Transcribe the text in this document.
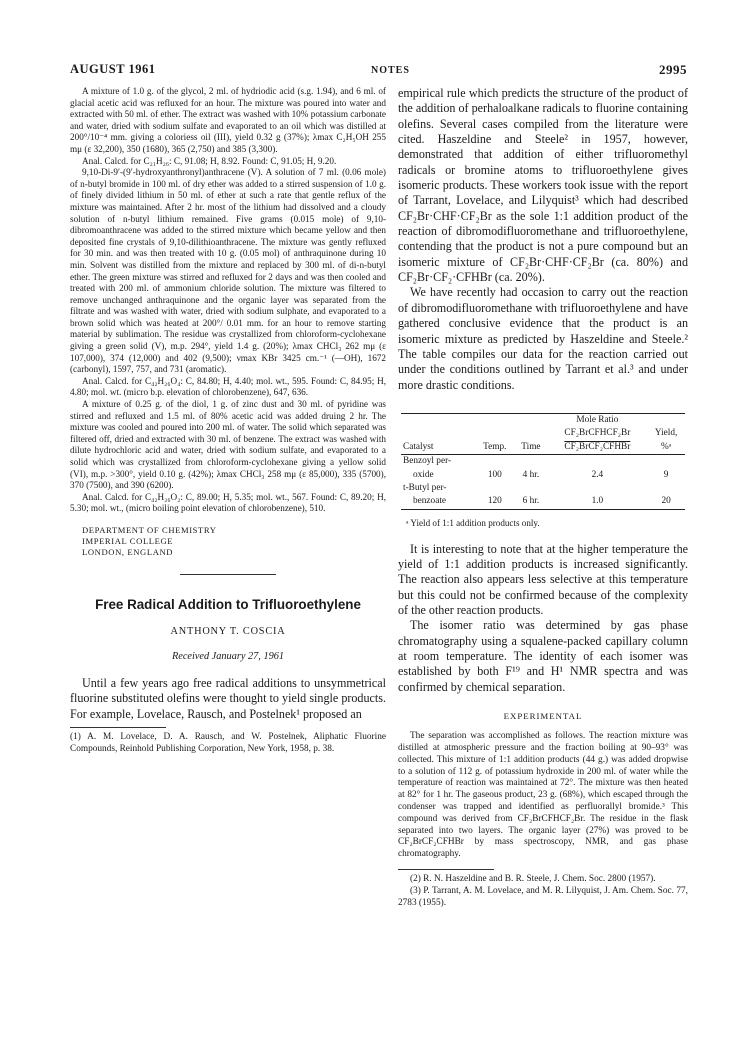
AUGUST 1961	NOTES	2995

A mixture of 1.0 g. of the glycol, 2 ml. of hydriodic acid (s.g. 1.94), and 6 ml. of glacial acetic acid was refluxed for an hour. The mixture was poured into water and extracted with 50 ml. of ether. The extract was washed with 10% potassium carbonate and water, dried with sodium sulfate and evaporated to an oil which was distilled at 200°/10⁻⁴ mm. giving a coloriess oil (III), yield 0.32 g (37%); λmax C₂H₅OH 255 mμ (ε 32,200), 350 (1680), 365 (2,750) and 385 (3,300).

Anal. Calcd. for C₂₁H₂₆: C, 91.08; H, 8.92. Found: C, 91.05; H, 9.20.

9,10-Di-9′-(9′-hydroxyanthronyl)anthracene (V). A solution of 7 ml. (0.06 mole) of n-butyl bromide in 100 ml. of dry ether was added to a stirred suspension of 1.0 g. of finely divided lithium in 50 ml. of ether at such a rate that gentle reflux of the mixture was maintained. After 2 hr. most of the lithium had dissolved and a cloudy solution of n-butyl lithium remained. Five grams (0.015 mole) of 9,10-dibromoanthracene was added to the stirred mixture which became yellow and then deposited fine crystals of 9,10-dilithioanthracene. The mixture was gently refluxed for 30 min. and was then treated with 10 g. (0.05 mol) of anthraquinone during 10 min. Solvent was distilled from the mixture and replaced by 300 ml. of di-n-butyl ether. The green mixture was stirred and refluxed for 2 days and was then cooled and treated with 200 ml. of ammonium chloride solution. The mixture was filtered to remove unchanged anthraquinone and the organic layer was separated from the filtrate and was washed with water, dried with sodium sulphate, and evaporated to a brown solid which was heated at 200°/ 0.01 mm. for an hour to remove starting material by sublimation. The residue was crystallized from chloroform-cyclohexane giving a green solid (V), m.p. 294°, yield 1.4 g. (20%); λmax CHCl₃ 262 mμ (ε 107,000), 374 (12,000) and 402 (9,500); νmax KBr 3425 cm.⁻¹ (—OH), 1672 (carbonyl), 1597, 757, and 731 (aromatic).

Anal. Calcd. for C₄₂H₂₆O₄: C, 84.80; H, 4.40; mol. wt., 595. Found: C, 84.95; H, 4.80; mol. wt. (micro b.p. elevation of chlorobenzene), 647, 636.

A mixture of 0.25 g. of the diol, 1 g. of zinc dust and 30 ml. of pyridine was stirred and refluxed and 1.5 ml. of 80% acetic acid was added druing 2 hr. The mixture was cooled and poured into 200 ml. of water. The solid which separated was filtered off, dried and extracted with 30 ml. of benzene. The extract was washed with dilute hydrochloric acid and water, dried with sodium sulfate, and evaporated to a solid which was crystallized from chloroform-cyclohexane giving a yellow solid (VI), m.p. >300°, yield 0.10 g. (42%); λmax CHCl₃ 258 mμ (ε 85,000), 335 (5700), 370 (7500), and 390 (6200).

Anal. Calcd. for C₄₂H₂₆O₂: C, 89.00; H, 5.35; mol. wt., 567. Found: C, 89.20; H, 5.30; mol. wt., (micro boiling point elevation of chlorobenzene), 510.

DEPARTMENT OF CHEMISTRY
IMPERIAL COLLEGE
LONDON, ENGLAND
Free Radical Addition to Trifluoroethylene
ANTHONY T. COSCIA
Received January 27, 1961

Until a few years ago free radical additions to unsymmetrical fluorine substituted olefins were thought to yield single products. For example, Lovelace, Rausch, and Postelnek¹ proposed an

(1) A. M. Lovelace, D. A. Rausch, and W. Postelnek, Aliphatic Fluorine Compounds, Reinhold Publishing Corporation, New York, 1958, p. 38.

empirical rule which predicts the structure of the product of the addition of perhaloalkane radicals to fluorine containing olefins. Several cases compiled from the literature were cited. Haszeldine and Steele² in 1957, however, demonstrated that addition of either trifluoromethyl radicals or bromine atoms to trifluoroethylene gives isomeric products. These workers took issue with the report of Tarrant, Lovelace, and Lilyquist³ which had described CF₂Br·CHF·CF₂Br as the sole 1:1 addition product of the reaction of dibromodifluoromethane and trifluoroethylene, contending that the product is not a pure compound but an isomeric mixture of CF₂Br·CHF·CF₂Br (ca. 80%) and CF₂Br·CF₂·CFHBr (ca. 20%).

We have recently had occasion to carry out the reaction of dibromodifluoromethane with trifluoroethylene and have gathered conclusive evidence that the product is an isomeric mixture as predicted by Haszeldine and Steele.² The table compiles our data for the reaction carried out under the conditions outlined by Tarrant et al.³ and under more drastic conditions.

			Mole Ratio	
			CF₂BrCFHCF₂Br	Yield,
Catalyst	Temp.	Time	CF₂BrCF₂CFHBr	%ᵃ
Benzoyl per-				
oxide	100	4 hr.	2.4	9
t-Butyl per-				
benzoate	120	6 hr.	1.0	20
ᵃ Yield of 1:1 addition products only.

It is interesting to note that at the higher temperature the yield of 1:1 addition products is increased significantly. The reaction also appears less selective at this temperature but this could not be confirmed because of the complexity of the other reaction products.

The isomer ratio was determined by gas phase chromatography using a squalene-packed capillary column at room temperature. The identity of each isomer was established by both F¹⁹ and H¹ NMR spectra and was confirmed by chemical separation.

EXPERIMENTAL

The separation was accomplished as follows. The reaction mixture was distilled at atmospheric pressure and the fraction boiling at 90–93° was collected. This mixture of 1:1 addition products (44 g.) was added dropwise to a solution of 112 g. of potassium hydroxide in 200 ml. of water while the temperature of reaction was maintained at 72°. The mixture was then heated at 82° for 1 hr. The gaseous product, 23 g. (68%), which escaped through the condenser was trapped and identified as perfluorallyl bromide.³ This compound was derived from CF₂BrCFHCF₂Br. The residue in the flask separated into two layers. The organic layer (27%) was proved to be CF₂BrCF₂CFHBr by mass spectroscopy, NMR, and gas phase chromatography.

(2) R. N. Haszeldine and B. R. Steele, J. Chem. Soc. 2800 (1957).

(3) P. Tarrant, A. M. Lovelace, and M. R. Lilyquist, J. Am. Chem. Soc. 77, 2783 (1955).
